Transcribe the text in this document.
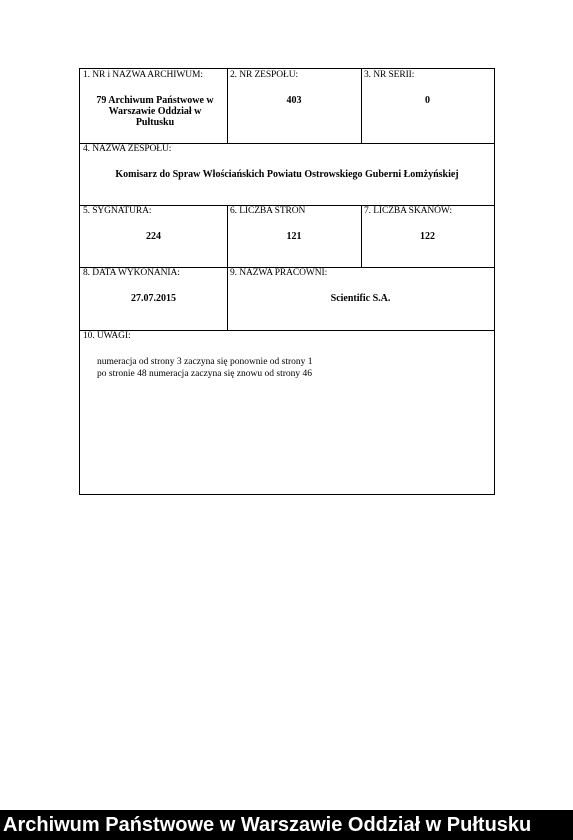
1. NR i NAZWA ARCHIWUM:
79 Archiwum Państwowe w Warszawie Oddział w Pułtusku
2. NR ZESPOŁU:
403
3. NR SERII:
0
4. NAZWA ZESPOŁU:
Komisarz do Spraw Włościańskich Powiatu Ostrowskiego Guberni Łomżyńskiej
5. SYGNATURA:
224
6. LICZBA STRON
121
7. LICZBA SKANÓW:
122
8. DATA WYKONANIA:
27.07.2015
9. NAZWA PRACOWNI:
Scientific S.A.
10. UWAGI:
numeracja od strony 3 zaczyna się ponownie od strony 1
po stronie 48 numeracja zaczyna się znowu od strony 46
Archiwum Państwowe w Warszawie Oddział w Pułtusku
